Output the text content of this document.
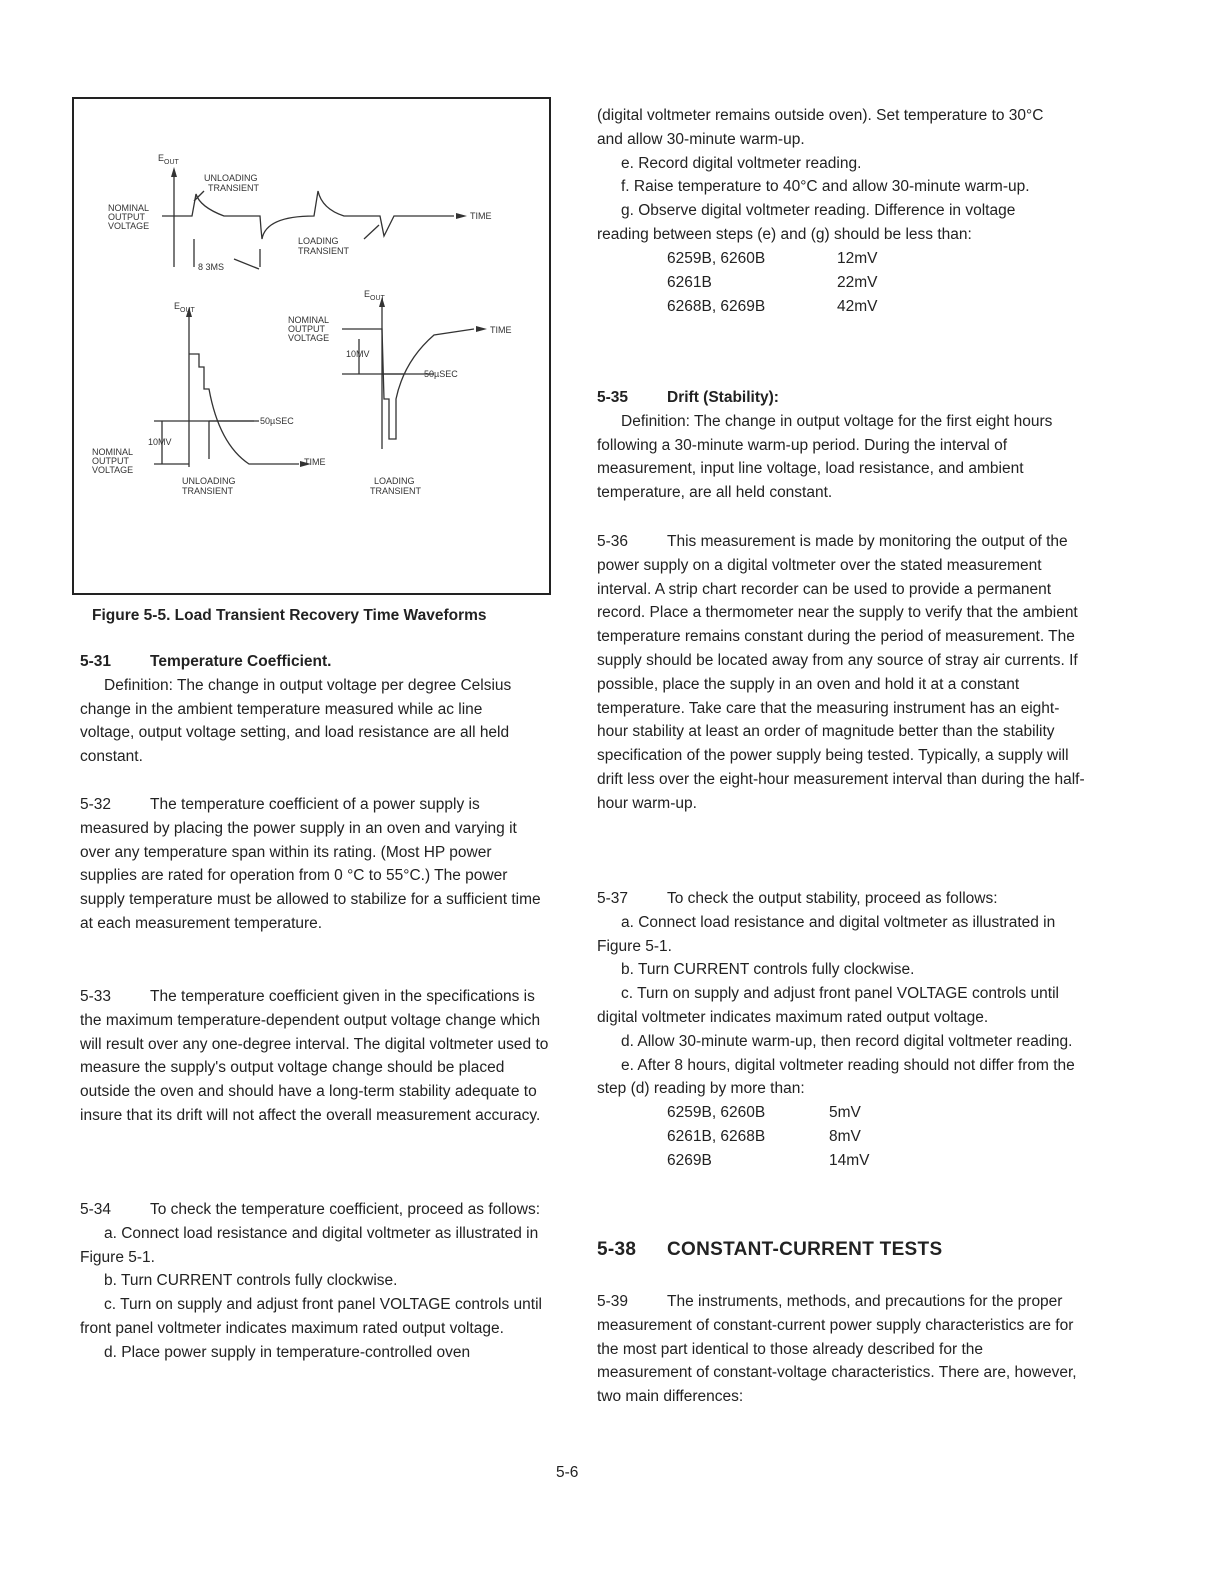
$E_{OUT}$
UNLOADING
TRANSIENT
NOMINAL
OUTPUT
VOLTAGE
TIME
LOADING
TRANSIENT
8 3MS
$E_{OUT}$
$E_{OUT}$
NOMINAL
OUTPUT
VOLTAGE
TIME
10MV
50µSEC
50µSEC
10MV
NOMINAL
OUTPUT
VOLTAGE
TIME
UNLOADING
TRANSIENT
LOADING
TRANSIENT
Figure 5-5. Load Transient Recovery Time Waveforms

5-31	Temperature Coefficient.

Definition: The change in output voltage per degree Celsius change in the ambient temperature measured while ac line voltage, output voltage setting, and load resistance are all held constant.

5-32	The temperature coefficient of a power supply is measured by placing the power supply in an oven and varying it over any temperature span within its rating. (Most HP power supplies are rated for operation from 0 °C to 55°C.) The power supply temperature must be allowed to stabilize for a sufficient time at each measurement temperature.

5-33	The temperature coefficient given in the specifications is the maximum temperature-dependent output voltage change which will result over any one-degree interval. The digital voltmeter used to measure the supply's output voltage change should be placed outside the oven and should have a long-term stability adequate to insure that its drift will not affect the overall measurement accuracy.

5-34	To check the temperature coefficient, proceed as follows:

a. Connect load resistance and digital voltmeter as illustrated in Figure 5-1.

b. Turn CURRENT controls fully clockwise.

c. Turn on supply and adjust front panel VOLTAGE controls until front panel voltmeter indicates maximum rated output voltage.

d. Place power supply in temperature-controlled oven

(digital voltmeter remains outside oven). Set temperature to 30°C and allow 30-minute warm-up.

e. Record digital voltmeter reading.

f. Raise temperature to 40°C and allow 30-minute warm-up.

g. Observe digital voltmeter reading. Difference in voltage reading between steps (e) and (g) should be less than:

6259B, 6260B	12mV
6261B	22mV
6268B, 6269B	42mV

5-35	Drift (Stability):

Definition: The change in output voltage for the first eight hours following a 30-minute warm-up period. During the interval of measurement, input line voltage, load resistance, and ambient temperature, are all held constant.

5-36	This measurement is made by monitoring the output of the power supply on a digital voltmeter over the stated measurement interval. A strip chart recorder can be used to provide a permanent record. Place a thermometer near the supply to verify that the ambient temperature remains constant during the period of measurement. The supply should be located away from any source of stray air currents. If possible, place the supply in an oven and hold it at a constant temperature. Take care that the measuring instrument has an eight-hour stability at least an order of magnitude better than the stability specification of the power supply being tested. Typically, a supply will drift less over the eight-hour measurement interval than during the half-hour warm-up.

5-37	To check the output stability, proceed as follows:

a. Connect load resistance and digital voltmeter as illustrated in Figure 5-1.

b. Turn CURRENT controls fully clockwise.

c. Turn on supply and adjust front panel VOLTAGE controls until digital voltmeter indicates maximum rated output voltage.

d. Allow 30-minute warm-up, then record digital voltmeter reading.

e. After 8 hours, digital voltmeter reading should not differ from the step (d) reading by more than:

6259B, 6260B	5mV
6261B, 6268B	8mV
6269B	14mV
5-38 CONSTANT-CURRENT TESTS

5-39	The instruments, methods, and precautions for the proper measurement of constant-current power supply characteristics are for the most part identical to those already described for the measurement of constant-voltage characteristics. There are, however, two main differences:

5-6
